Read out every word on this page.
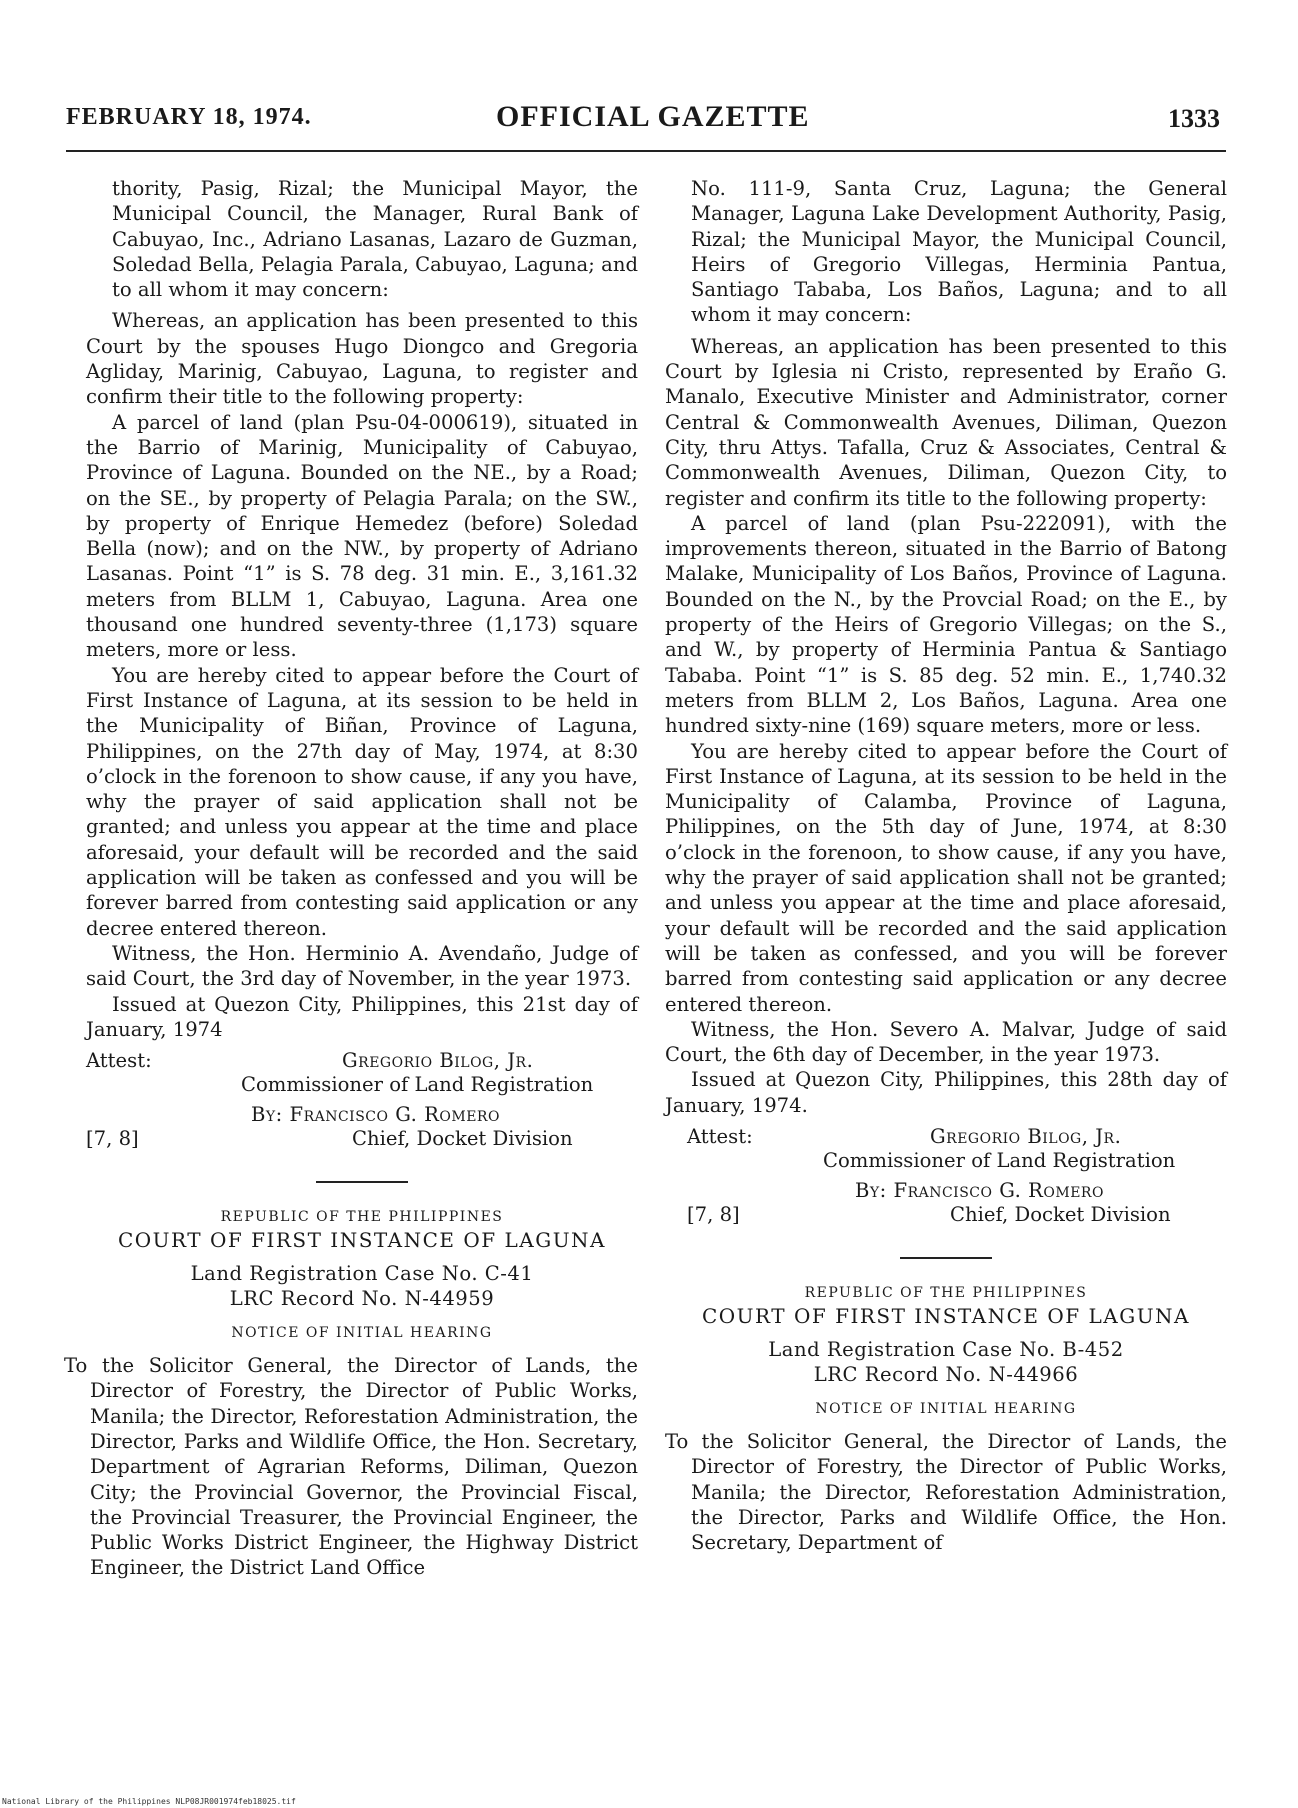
FEBRUARY 18, 1974.	OFFICIAL GAZETTE	1333

thority, Pasig, Rizal; the Municipal Mayor, the Municipal Council, the Manager, Rural Bank of Cabuyao, Inc., Adriano Lasanas, Lazaro de Guzman, Soledad Bella, Pelagia Parala, Cabuyao, Laguna; and to all whom it may concern:

Whereas, an application has been presented to this Court by the spouses Hugo Diongco and Gregoria Agliday, Marinig, Cabuyao, Laguna, to register and confirm their title to the following property:

A parcel of land (plan Psu-04-000619), situated in the Barrio of Marinig, Municipality of Cabuyao, Province of Laguna. Bounded on the NE., by a Road; on the SE., by property of Pelagia Parala; on the SW., by property of Enrique Hemedez (before) Soledad Bella (now); and on the NW., by property of Adriano Lasanas. Point “1” is S. 78 deg. 31 min. E., 3,161.32 meters from BLLM 1, Cabuyao, Laguna. Area one thousand one hundred seventy-three (1,173) square meters, more or less.

You are hereby cited to appear before the Court of First Instance of Laguna, at its session to be held in the Municipality of Biñan, Province of Laguna, Philippines, on the 27th day of May, 1974, at 8:30 o’clock in the forenoon to show cause, if any you have, why the prayer of said application shall not be granted; and unless you appear at the time and place aforesaid, your default will be recorded and the said application will be taken as confessed and you will be forever barred from contesting said application or any decree entered thereon.

Witness, the Hon. Herminio A. Avendaño, Judge of said Court, the 3rd day of November, in the year 1973.

Issued at Quezon City, Philippines, this 21st day of January, 1974

Attest:	Gregorio Bilog, Jr.
Commissioner of Land Registration
By: Francisco G. Romero
[7, 8]	Chief, Docket Division

REPUBLIC OF THE PHILIPPINES

COURT OF FIRST INSTANCE OF LAGUNA

Land Registration Case No. C-41

LRC Record No. N-44959

NOTICE OF INITIAL HEARING

To the Solicitor General, the Director of Lands, the Director of Forestry, the Director of Public Works, Manila; the Director, Reforestation Administration, the Director, Parks and Wildlife Office, the Hon. Secretary, Department of Agrarian Reforms, Diliman, Quezon City; the Provincial Governor, the Provincial Fiscal, the Provincial Treasurer, the Provincial Engineer, the Public Works District Engineer, the Highway District Engineer, the District Land Office

No. 111-9, Santa Cruz, Laguna; the General Manager, Laguna Lake Development Authority, Pasig, Rizal; the Municipal Mayor, the Municipal Council, Heirs of Gregorio Villegas, Herminia Pantua, Santiago Tababa, Los Baños, Laguna; and to all whom it may concern:

Whereas, an application has been presented to this Court by Iglesia ni Cristo, represented by Eraño G. Manalo, Executive Minister and Administrator, corner Central & Commonwealth Avenues, Diliman, Quezon City, thru Attys. Tafalla, Cruz & Associates, Central & Commonwealth Avenues, Diliman, Quezon City, to register and confirm its title to the following property:

A parcel of land (plan Psu-222091), with the improvements thereon, situated in the Barrio of Batong Malake, Municipality of Los Baños, Province of Laguna. Bounded on the N., by the Provcial Road; on the E., by property of the Heirs of Gregorio Villegas; on the S., and W., by property of Herminia Pantua & Santiago Tababa. Point “1” is S. 85 deg. 52 min. E., 1,740.32 meters from BLLM 2, Los Baños, Laguna. Area one hundred sixty-nine (169) square meters, more or less.

You are hereby cited to appear before the Court of First Instance of Laguna, at its session to be held in the Municipality of Calamba, Province of Laguna, Philippines, on the 5th day of June, 1974, at 8:30 o’clock in the forenoon, to show cause, if any you have, why the prayer of said application shall not be granted; and unless you appear at the time and place aforesaid, your default will be recorded and the said application will be taken as confessed, and you will be forever barred from contesting said application or any decree entered thereon.

Witness, the Hon. Severo A. Malvar, Judge of said Court, the 6th day of December, in the year 1973.

Issued at Quezon City, Philippines, this 28th day of January, 1974.

Attest:	Gregorio Bilog, Jr.
Commissioner of Land Registration
By: Francisco G. Romero
[7, 8]	Chief, Docket Division

REPUBLIC OF THE PHILIPPINES

COURT OF FIRST INSTANCE OF LAGUNA

Land Registration Case No. B-452

LRC Record No. N-44966

NOTICE OF INITIAL HEARING

To the Solicitor General, the Director of Lands, the Director of Forestry, the Director of Public Works, Manila; the Director, Reforestation Administration, the Director, Parks and Wildlife Office, the Hon. Secretary, Department of

National Library of the Philippines NLP08JR001974feb18025.tif
